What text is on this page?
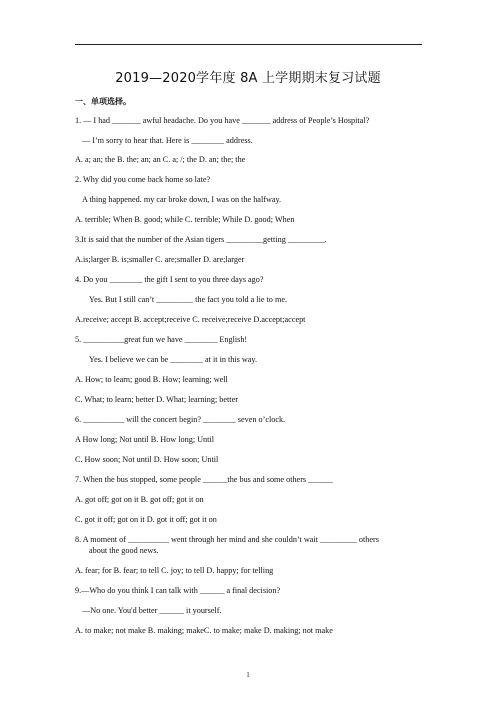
2019—2020学年度 8A 上学期期末复习试题
一、单项选择。
1. — I had _______ awful headache. Do you have _______ address of People’s Hospital?
— I’m sorry to hear that. Here is ________ address.
A. a; an; the B. the; an; an C. a; /; the D. an; the; the
2. Why did you come back home so late?
A thing happened. my car broke down, I was on the halfway.
A. terrible; When B. good; while C. terrible; While D. good; When
3.It is said that the number of the Asian tigers _________getting _________.
A.is;larger B. is;smaller C. are;smaller D. are;larger
4. Do you ________ the gift I sent to you three days ago?
Yes. But I still can’t _________ the fact you told a lie to me.
A.receive; accept B. accept;receive C. receive;receive D.accept;accept
5. __________great fun we have ________ English!
Yes. I believe we can be ________ at it in this way.
A. How; to learn; good B. How; learning; well
C. What; to learn; better D. What; learning; better
6. __________ will the concert begin? ________ seven o’clock.
A How long; Not until B. How long; Until
C. How soon; Not until D. How soon; Until
7. When the bus stopped, some people ______the bus and some others ______
A. got off; got on it B. got off; got it on
C. got it off; got on it D. got it off; got it on
8. A moment of __________ went through her mind and she couldn’t wait _________ others
about the good news.
A. fear; for B. fear; to tell C. joy; to tell D. happy; for telling
9.—Who do you think I can talk with ______ a final decision?
—No one. You'd better ______ it yourself.
A. to make; not make B. making; makeC. to make; make D. making; not make
1
